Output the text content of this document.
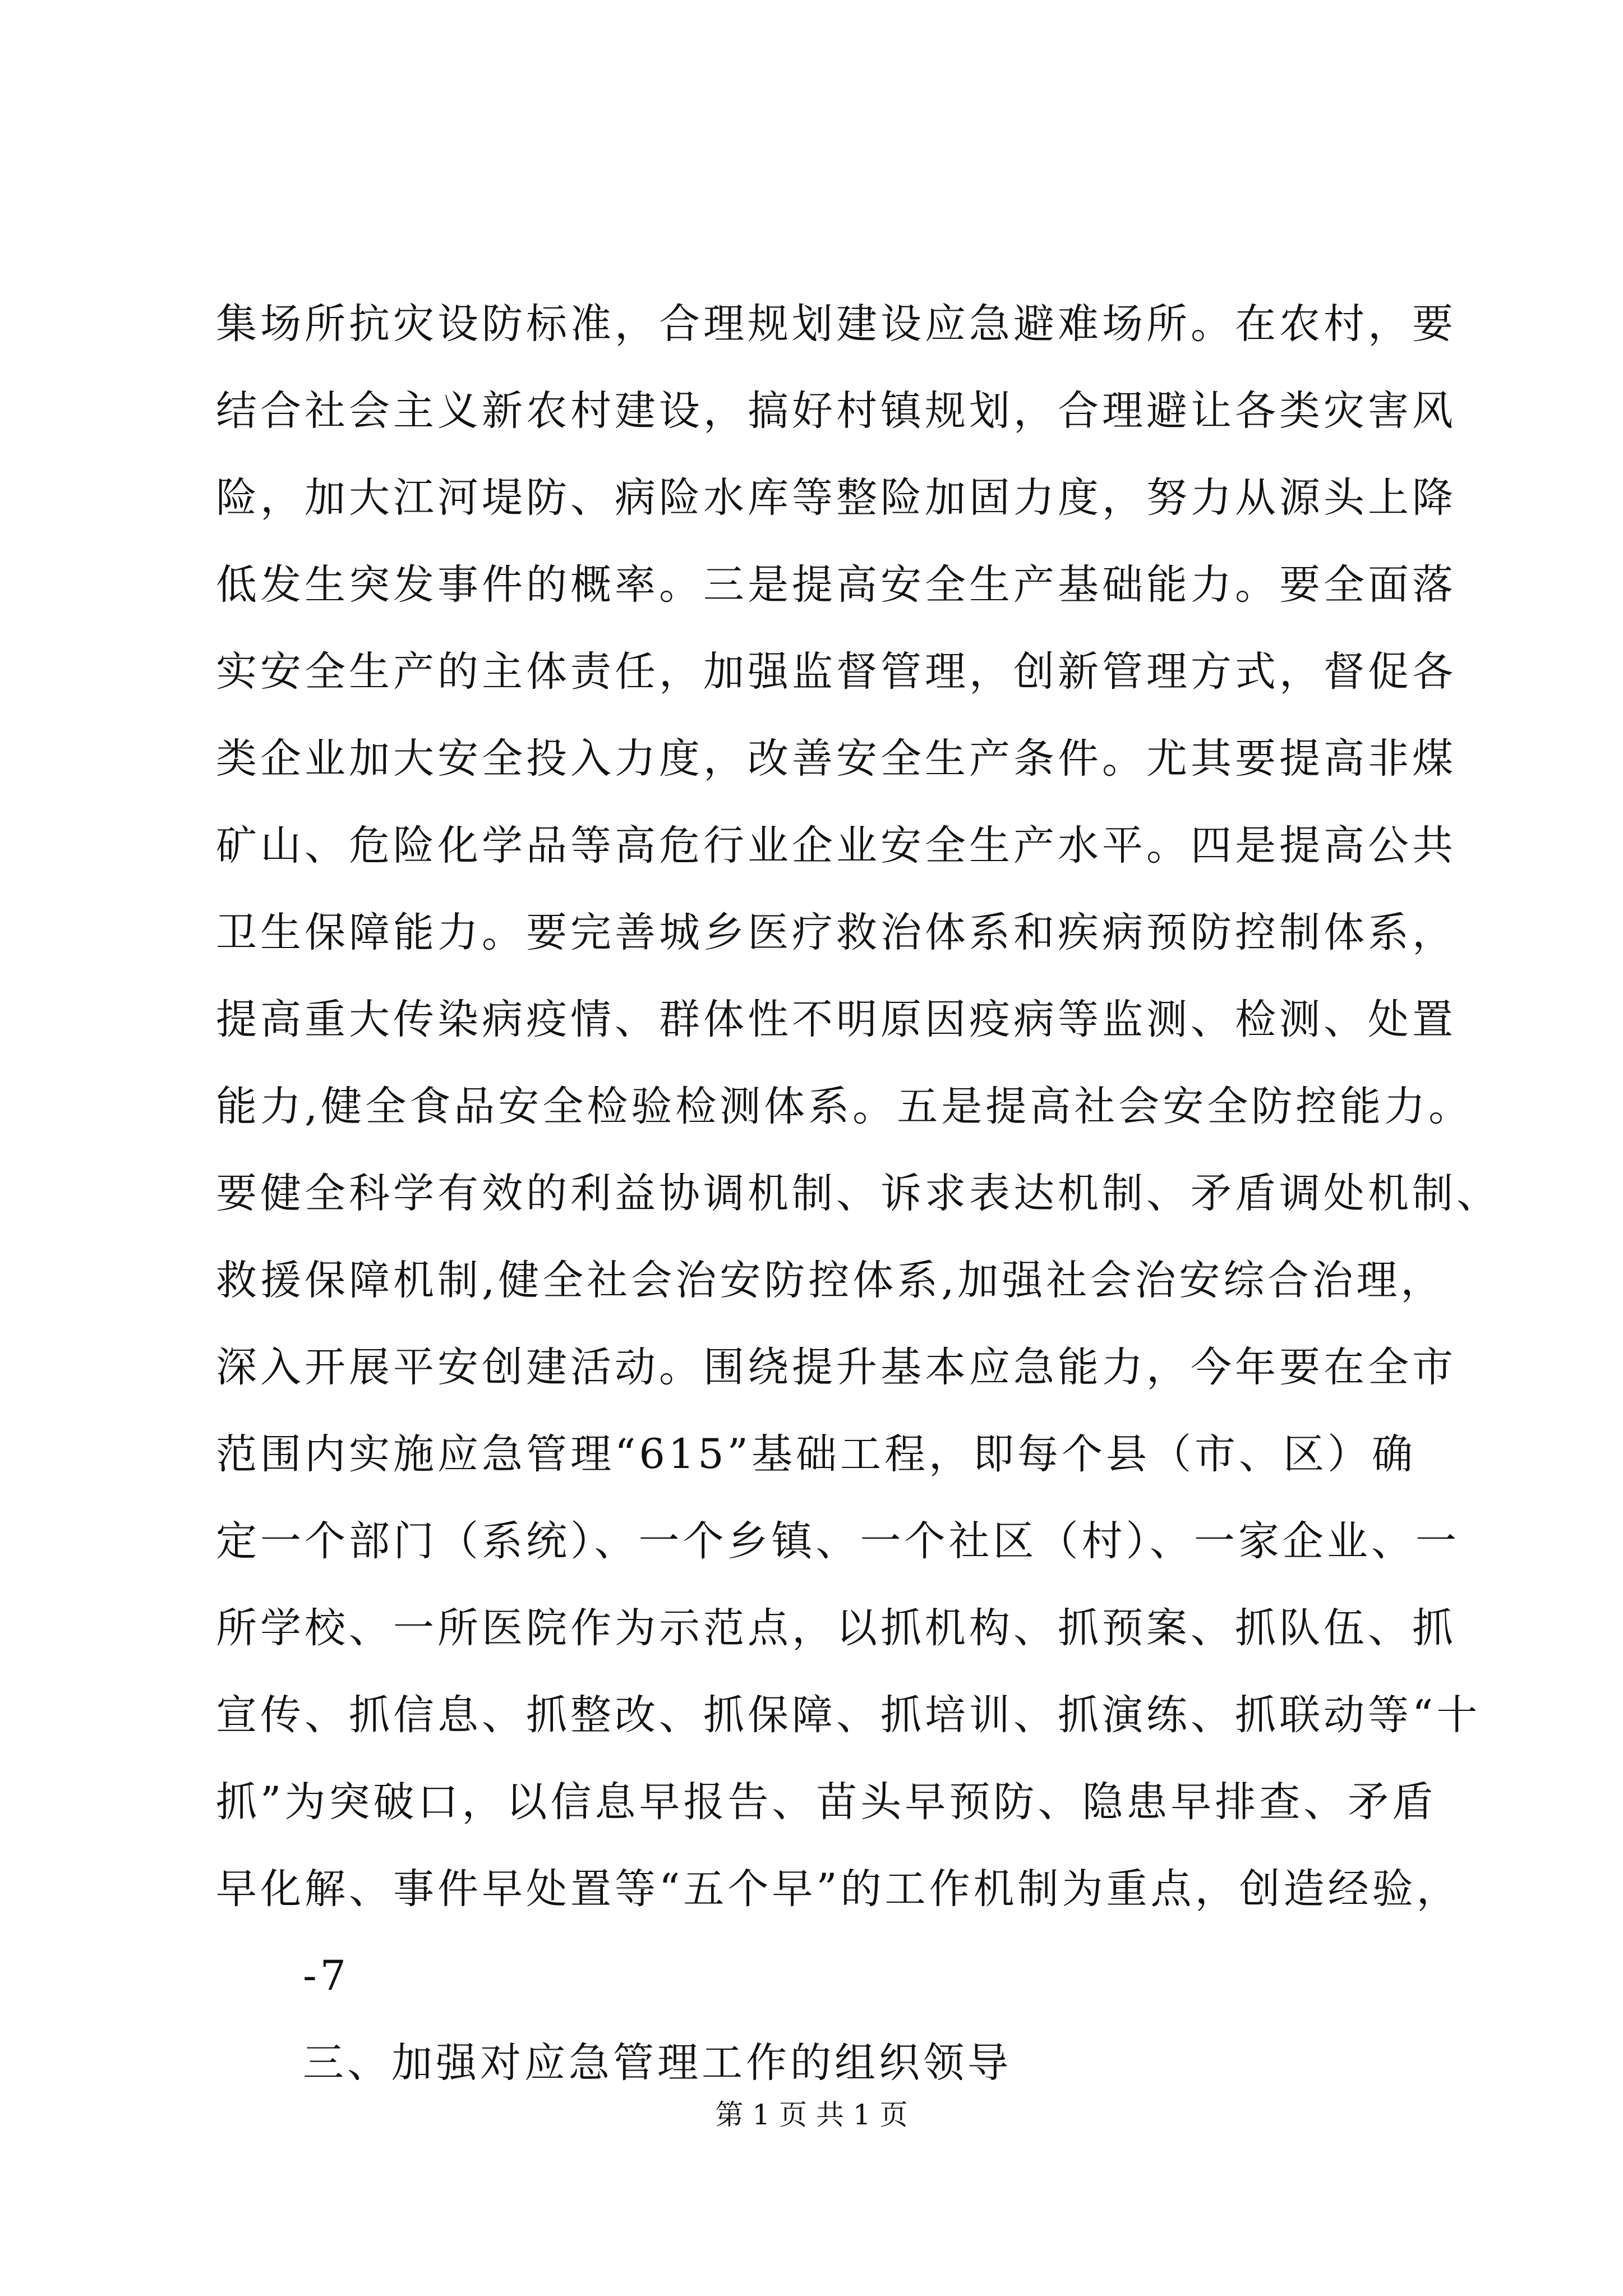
集场所抗灾设防标准，合理规划建设应急避难场所。在农村，要
结合社会主义新农村建设，搞好村镇规划，合理避让各类灾害风
险，加大江河堤防、病险水库等整险加固力度，努力从源头上降
低发生突发事件的概率。三是提高安全生产基础能力。要全面落
实安全生产的主体责任，加强监督管理，创新管理方式，督促各
类企业加大安全投入力度，改善安全生产条件。尤其要提高非煤
矿山、危险化学品等高危行业企业安全生产水平。四是提高公共
卫生保障能力。要完善城乡医疗救治体系和疾病预防控制体系，
提高重大传染病疫情、群体性不明原因疫病等监测、检测、处置
能力,健全食品安全检验检测体系。五是提高社会安全防控能力。
要健全科学有效的利益协调机制、诉求表达机制、矛盾调处机制、
救援保障机制,健全社会治安防控体系,加强社会治安综合治理，
深入开展平安创建活动。围绕提升基本应急能力，今年要在全市
范围内实施应急管理“615”基础工程，即每个县（市、区）确
定一个部门（系统）、一个乡镇、一个社区（村）、一家企业、一
所学校、一所医院作为示范点，以抓机构、抓预案、抓队伍、抓
宣传、抓信息、抓整改、抓保障、抓培训、抓演练、抓联动等“十
抓”为突破口，以信息早报告、苗头早预防、隐患早排查、矛盾
早化解、事件早处置等“五个早”的工作机制为重点，创造经验，
-7
三、加强对应急管理工作的组织领导
第 1 页 共 1 页
